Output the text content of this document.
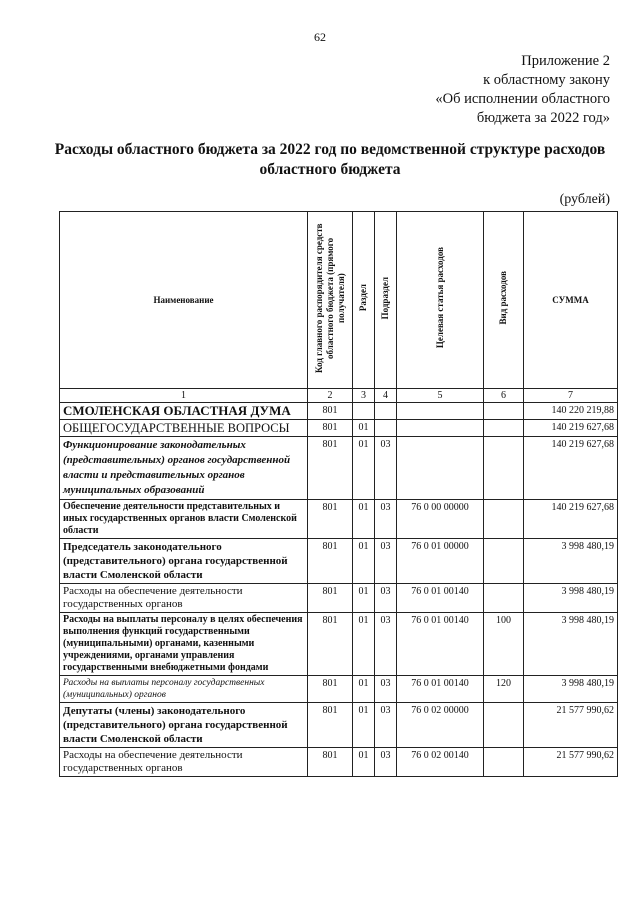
62
Приложение 2
к областному закону
«Об исполнении областного
бюджета за 2022 год»
Расходы областного бюджета за 2022 год по ведомственной структуре расходов
областного бюджета
(рублей)
Наименование	Код главного распорядителя средств областного бюджета (прямого получателя)	Раздел	Подраздел	Целевая статья расходов	Вид расходов	СУММА
1	2	3	4	5	6	7
СМОЛЕНСКАЯ ОБЛАСТНАЯ ДУМА	801					140 220 219,88
ОБЩЕГОСУДАРСТВЕННЫЕ ВОПРОСЫ	801	01				140 219 627,68
Функционирование законодательных (представительных) органов государственной власти и представительных органов муниципальных образований	801	01	03			140 219 627,68
Обеспечение деятельности представительных и иных государственных органов власти Смоленской области	801	01	03	76 0 00 00000		140 219 627,68
Председатель законодательного (представительного) органа государственной власти Смоленской области	801	01	03	76 0 01 00000		3 998 480,19
Расходы на обеспечение деятельности государственных органов	801	01	03	76 0 01 00140		3 998 480,19
Расходы на выплаты персоналу в целях обеспечения выполнения функций государственными (муниципальными) органами, казенными учреждениями, органами управления государственными внебюджетными фондами	801	01	03	76 0 01 00140	100	3 998 480,19
Расходы на выплаты персоналу государственных (муниципальных) органов	801	01	03	76 0 01 00140	120	3 998 480,19
Депутаты (члены) законодательного (представительного) органа государственной власти Смоленской области	801	01	03	76 0 02 00000		21 577 990,62
Расходы на обеспечение деятельности государственных органов	801	01	03	76 0 02 00140		21 577 990,62
